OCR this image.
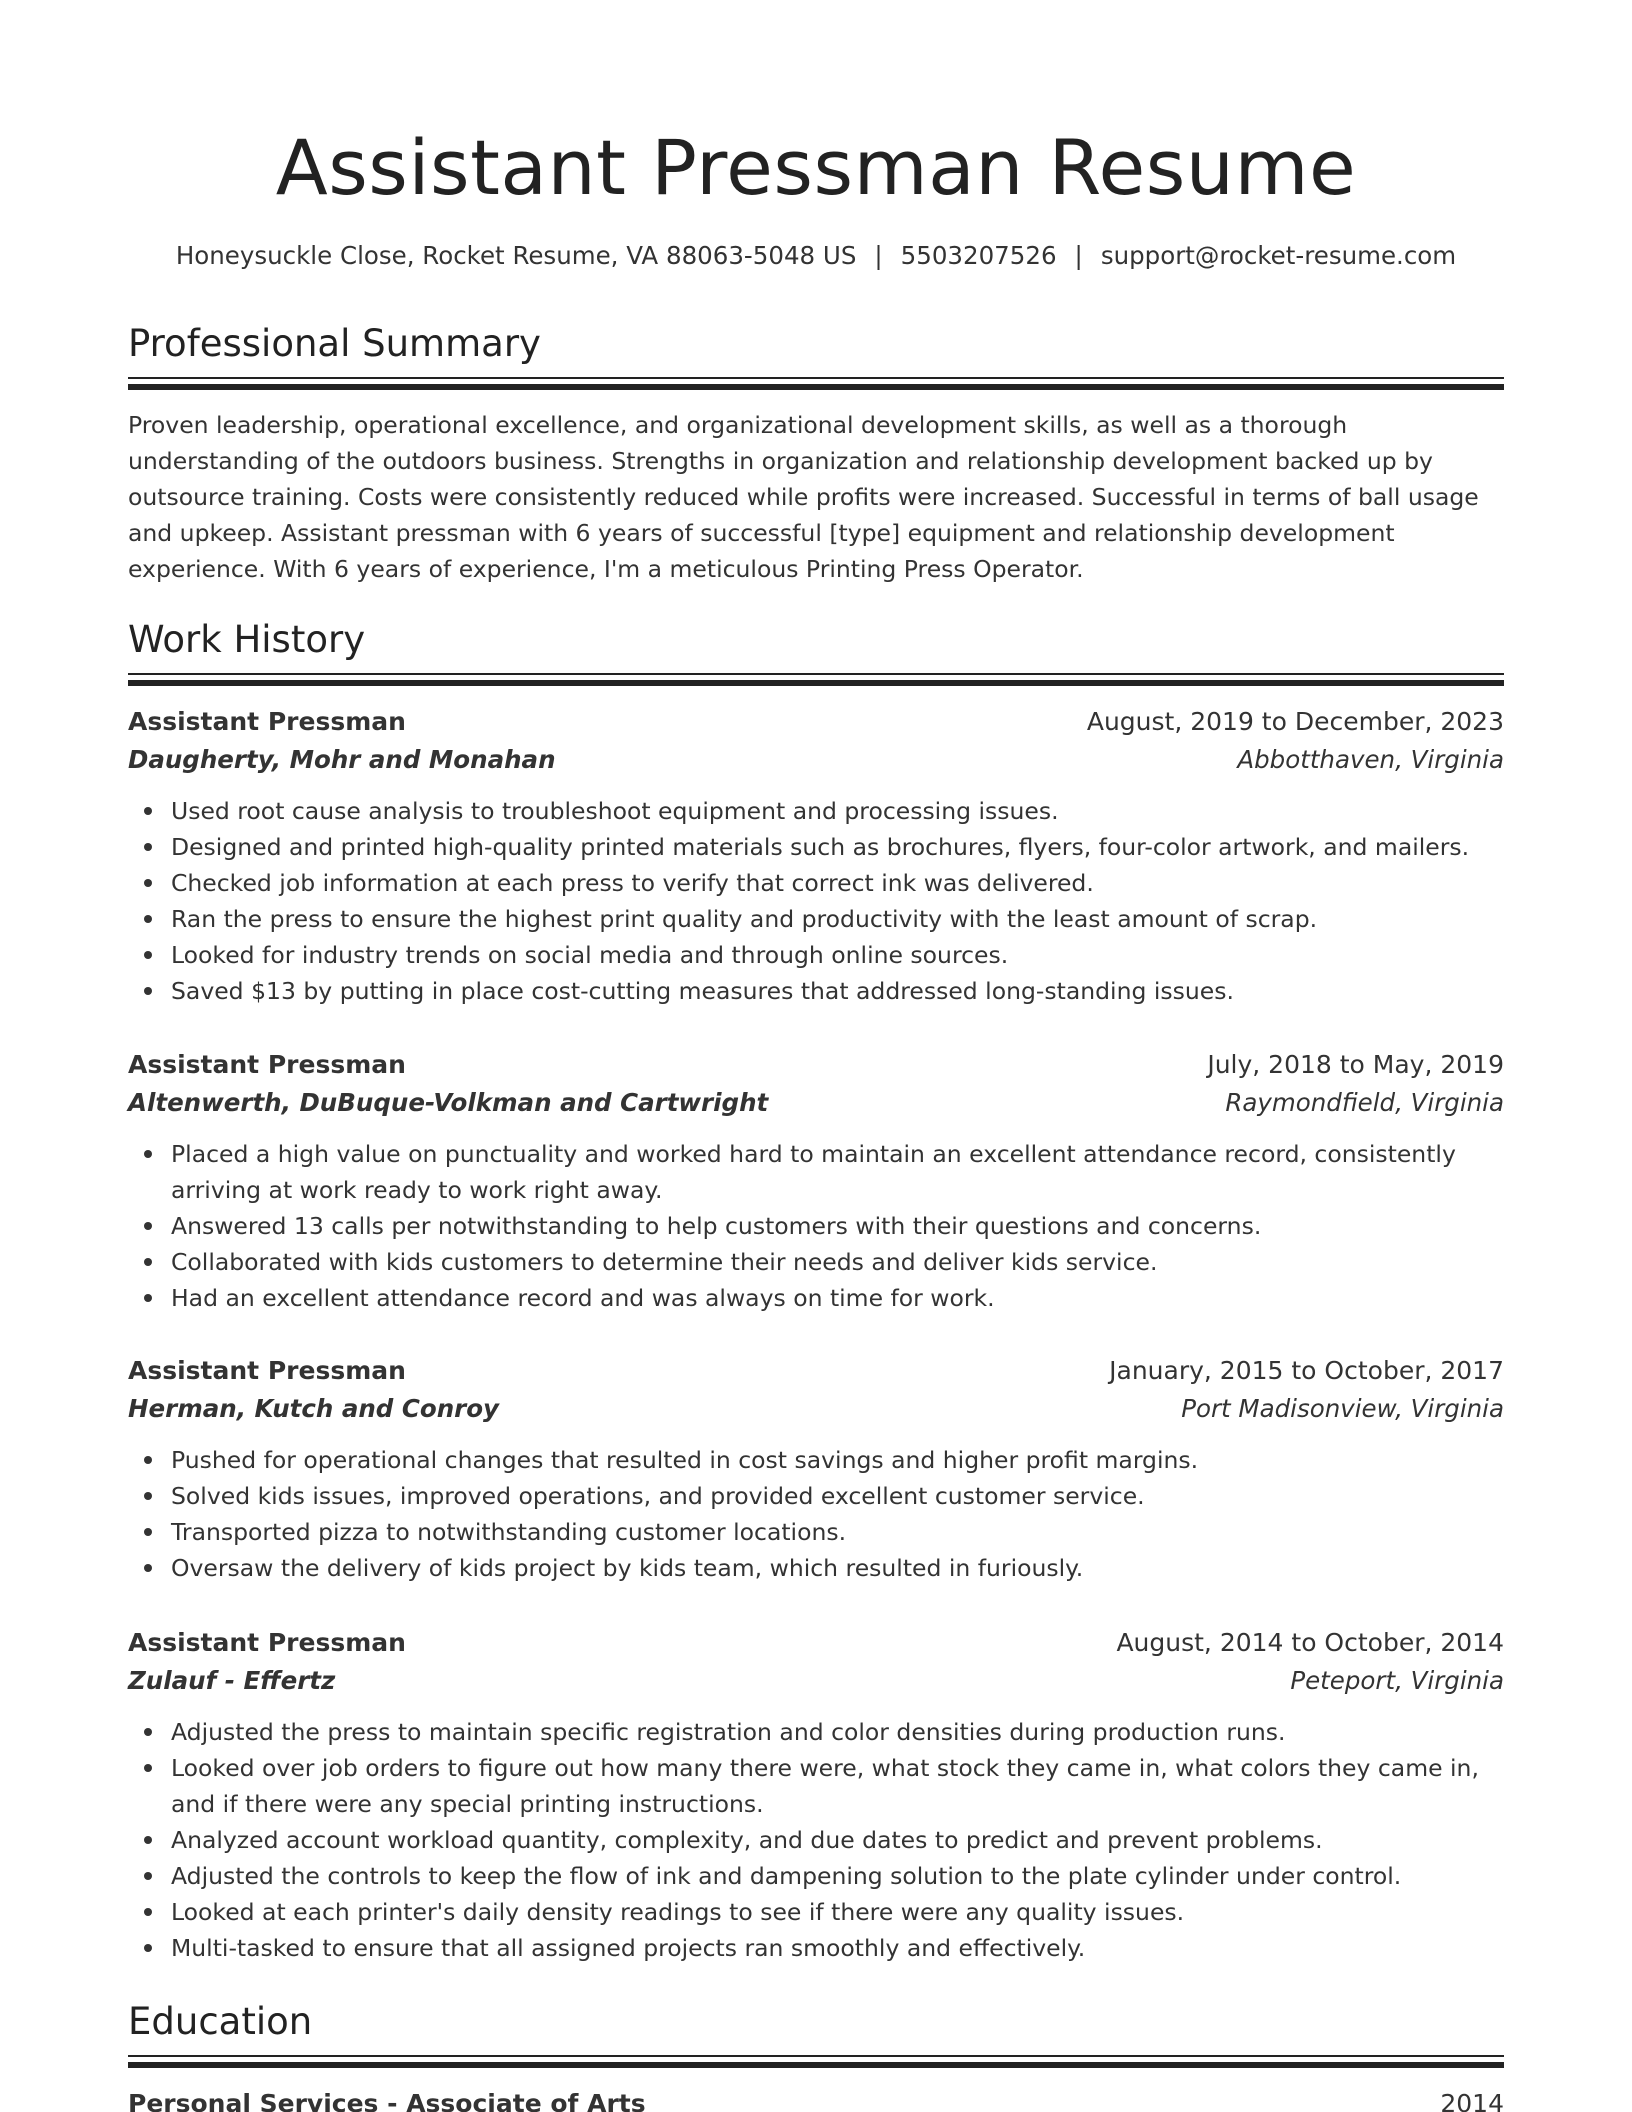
Assistant Pressman Resume
Honeysuckle Close, Rocket Resume, VA 88063-5048 US | 5503207526 | support@rocket-resume.com
Professional Summary

Proven leadership, operational excellence, and organizational development skills, as well as a thorough understanding of the outdoors business. Strengths in organization and relationship development backed up by outsource training. Costs were consistently reduced while profits were increased. Successful in terms of ball usage and upkeep. Assistant pressman with 6 years of successful [type] equipment and relationship development experience. With 6 years of experience, I'm a meticulous Printing Press Operator.

Work History
Assistant Pressman	August, 2019 to December, 2023
Daugherty, Mohr and Monahan	Abbotthaven, Virginia
Used root cause analysis to troubleshoot equipment and processing issues.
Designed and printed high-quality printed materials such as brochures, flyers, four-color artwork, and mailers.
Checked job information at each press to verify that correct ink was delivered.
Ran the press to ensure the highest print quality and productivity with the least amount of scrap.
Looked for industry trends on social media and through online sources.
Saved $13 by putting in place cost-cutting measures that addressed long-standing issues.
Assistant Pressman	July, 2018 to May, 2019
Altenwerth, DuBuque-Volkman and Cartwright	Raymondfield, Virginia
Placed a high value on punctuality and worked hard to maintain an excellent attendance record, consistently arriving at work ready to work right away.
Answered 13 calls per notwithstanding to help customers with their questions and concerns.
Collaborated with kids customers to determine their needs and deliver kids service.
Had an excellent attendance record and was always on time for work.
Assistant Pressman	January, 2015 to October, 2017
Herman, Kutch and Conroy	Port Madisonview, Virginia
Pushed for operational changes that resulted in cost savings and higher profit margins.
Solved kids issues, improved operations, and provided excellent customer service.
Transported pizza to notwithstanding customer locations.
Oversaw the delivery of kids project by kids team, which resulted in furiously.
Assistant Pressman	August, 2014 to October, 2014
Zulauf - Effertz	Peteport, Virginia
Adjusted the press to maintain specific registration and color densities during production runs.
Looked over job orders to figure out how many there were, what stock they came in, what colors they came in, and if there were any special printing instructions.
Analyzed account workload quantity, complexity, and due dates to predict and prevent problems.
Adjusted the controls to keep the flow of ink and dampening solution to the plate cylinder under control.
Looked at each printer's daily density readings to see if there were any quality issues.
Multi-tasked to ensure that all assigned projects ran smoothly and effectively.
Education
Personal Services - Associate of Arts	2014
